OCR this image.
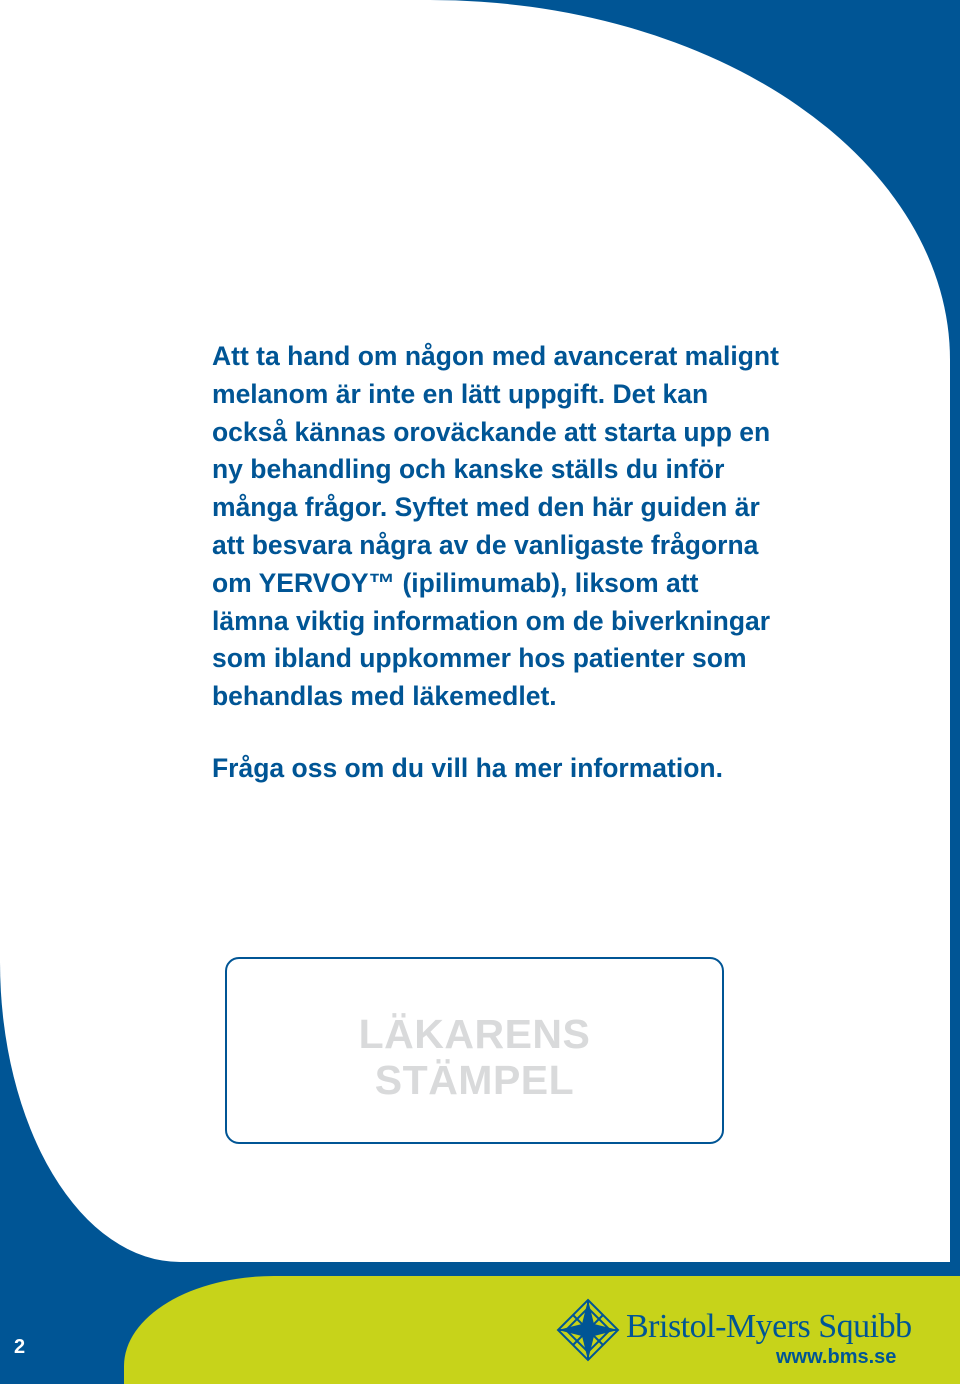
Att ta hand om någon med avancerat malignt
melanom är inte en lätt uppgift. Det kan
också kännas oroväckande att starta upp en
ny behandling och kanske ställs du inför
många frågor. Syftet med den här guiden är
att besvara några av de vanligaste frågorna
om YERVOY™ (ipilimumab), liksom att
lämna viktig information om de biverkningar
som ibland uppkommer hos patienter som
behandlas med läkemedlet.

Fråga oss om du vill ha mer information.

LÄKARENS
STÄMPEL
2
Bristol-Myers Squibb
www.bms.se
